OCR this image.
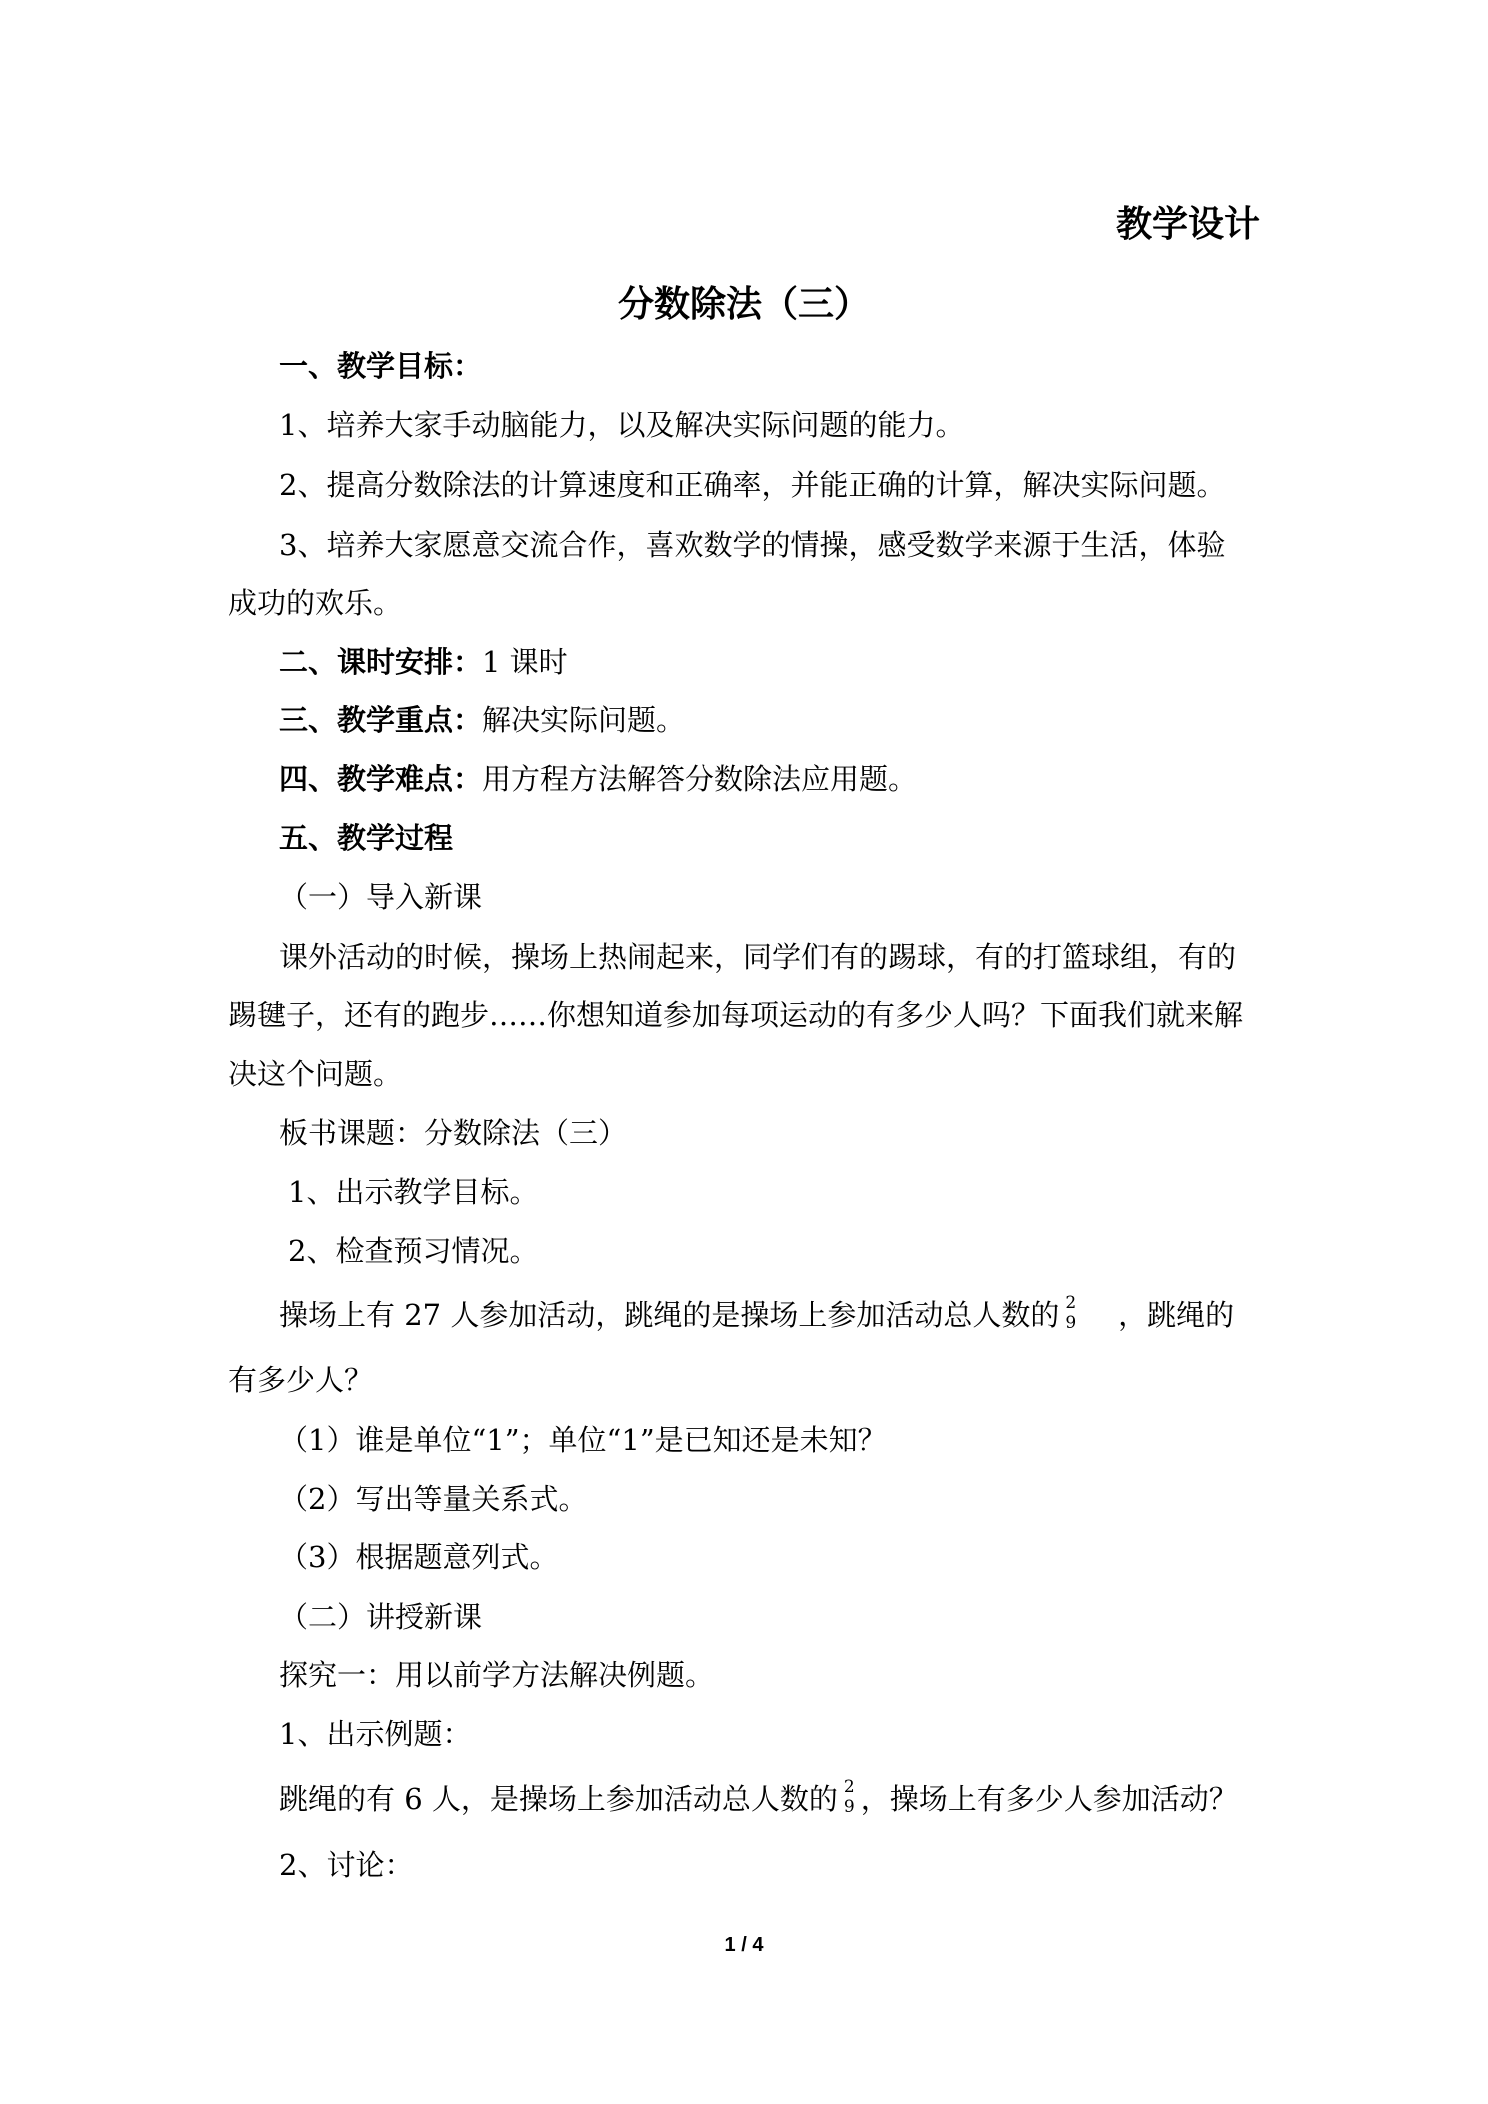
教学设计
分数除法（三）
一、教学目标：
1、培养大家手动脑能力，以及解决实际问题的能力。
2、提高分数除法的计算速度和正确率，并能正确的计算，解决实际问题。
3、培养大家愿意交流合作，喜欢数学的情操，感受数学来源于生活，体验
成功的欢乐。
二、课时安排：1 课时
三、教学重点：解决实际问题。
四、教学难点：用方程方法解答分数除法应用题。
五、教学过程
（一）导入新课
课外活动的时候，操场上热闹起来，同学们有的踢球，有的打篮球组，有的
踢毽子，还有的跑步……你想知道参加每项运动的有多少人吗？下面我们就来解
决这个问题。
板书课题：分数除法（三）
1、出示教学目标。
2、检查预习情况。
操场上有 27 人参加活动，跳绳的是操场上参加活动总人数的 2
9 ，跳绳的
有多少人？
（1）谁是单位“1”；单位“1”是已知还是未知？
（2）写出等量关系式。
（3）根据题意列式。
（二）讲授新课
探究一：用以前学方法解决例题。
1、出示例题：
跳绳的有 6 人，是操场上参加活动总人数的 2
9 ，操场上有多少人参加活动？
2、讨论：
1 / 4
